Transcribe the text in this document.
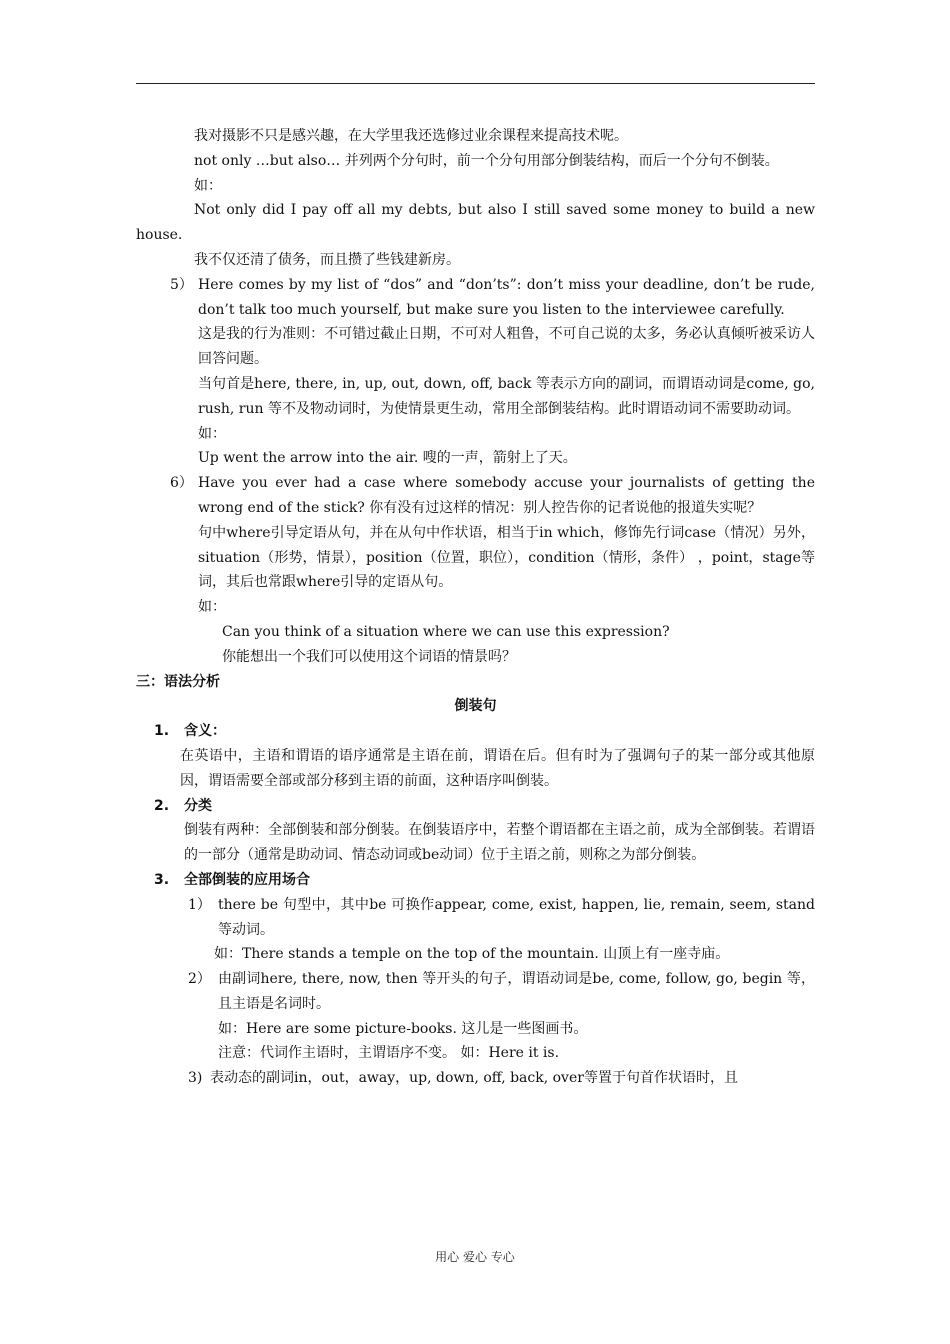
我对摄影不只是感兴趣，在大学里我还选修过业余课程来提高技术呢。

not only …but also… 并列两个分句时，前一个分句用部分倒装结构，而后一个分句不倒装。

如：

Not only did I pay off all my debts, but also I still saved some money to build a new house.

我不仅还清了债务，而且攒了些钱建新房。

5） Here comes by my list of “dos” and “don’ts”: don’t miss your deadline, don’t be rude, don’t talk too much yourself, but make sure you listen to the interviewee carefully.

这是我的行为准则：不可错过截止日期，不可对人粗鲁，不可自己说的太多，务必认真倾听被采访人回答问题。

当句首是here, there, in, up, out, down, off, back 等表示方向的副词，而谓语动词是come, go, rush, run 等不及物动词时，为使情景更生动，常用全部倒装结构。此时谓语动词不需要助动词。

如：

Up went the arrow into the air. 嗖的一声，箭射上了天。

6） Have you ever had a case where somebody accuse your journalists of getting the wrong end of the stick? 你有没有过这样的情况：别人控告你的记者说他的报道失实呢？

句中where引导定语从句，并在从句中作状语，相当于in which，修饰先行词case（情况）另外，situation（形势，情景），position（位置，职位），condition（情形，条件） ，point，stage等词，其后也常跟where引导的定语从句。

如：

Can you think of a situation where we can use this expression?

你能想出一个我们可以使用这个词语的情景吗？

三：语法分析

倒装句

1.	含义：

在英语中，主语和谓语的语序通常是主语在前，谓语在后。但有时为了强调句子的某一部分或其他原因，谓语需要全部或部分移到主语的前面，这种语序叫倒装。

2.	分类

倒装有两种：全部倒装和部分倒装。在倒装语序中，若整个谓语都在主语之前，成为全部倒装。若谓语的一部分（通常是助动词、情态动词或be动词）位于主语之前，则称之为部分倒装。

3.	全部倒装的应用场合
1） there be 句型中，其中be 可换作appear, come, exist, happen, lie, remain, seem, stand 等动词。

如：There stands a temple on the top of the mountain. 山顶上有一座寺庙。

2） 由副词here, there, now, then 等开头的句子，谓语动词是be, come, follow, go, begin 等，且主语是名词时。

如：Here are some picture-books. 这儿是一些图画书。

注意：代词作主语时，主谓语序不变。 如：Here it is.

3) 表动态的副词in，out，away，up, down, off, back, over等置于句首作状语时，且
用心 爱心 专心
